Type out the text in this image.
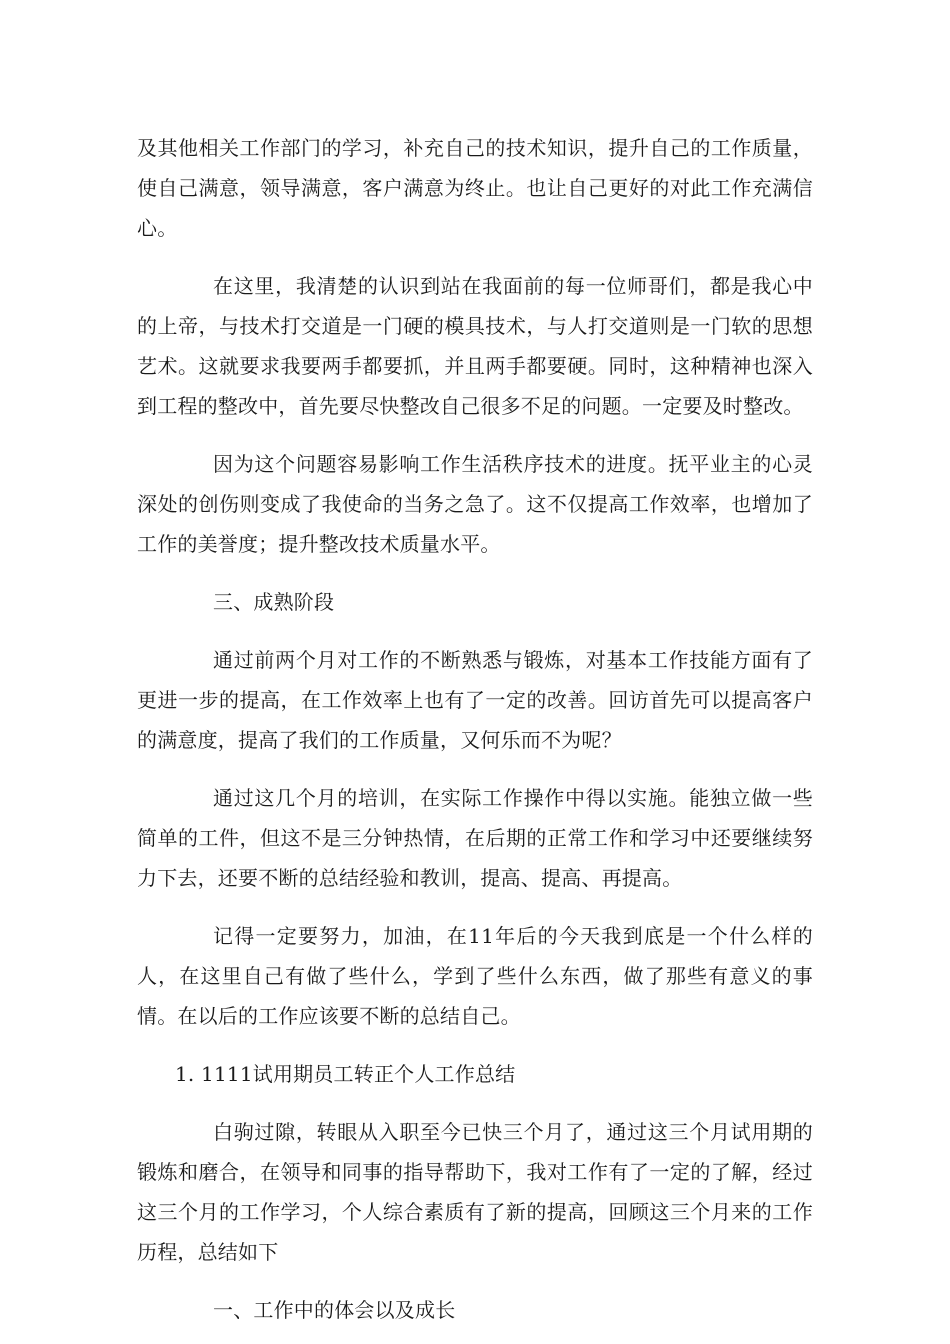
及其他相关工作部门的学习，补充自己的技术知识，提升自己的工作质量，使自己满意，领导满意，客户满意为终止。也让自己更好的对此工作充满信心。

在这里，我清楚的认识到站在我面前的每一位师哥们，都是我心中的上帝，与技术打交道是一门硬的模具技术，与人打交道则是一门软的思想艺术。这就要求我要两手都要抓，并且两手都要硬。同时，这种精神也深入到工程的整改中，首先要尽快整改自己很多不足的问题。一定要及时整改。

因为这个问题容易影响工作生活秩序技术的进度。抚平业主的心灵深处的创伤则变成了我使命的当务之急了。这不仅提高工作效率，也增加了工作的美誉度；提升整改技术质量水平。

三、成熟阶段

通过前两个月对工作的不断熟悉与锻炼，对基本工作技能方面有了更进一步的提高，在工作效率上也有了一定的改善。回访首先可以提高客户的满意度，提高了我们的工作质量，又何乐而不为呢？

通过这几个月的培训，在实际工作操作中得以实施。能独立做一些简单的工件，但这不是三分钟热情，在后期的正常工作和学习中还要继续努力下去，还要不断的总结经验和教训，提高、提高、再提高。

记得一定要努力，加油，在11年后的今天我到底是一个什么样的人，在这里自己有做了些什么，学到了些什么东西，做了那些有意义的事情。在以后的工作应该要不断的总结自己。

1. 1111试用期员工转正个人工作总结

白驹过隙，转眼从入职至今已快三个月了，通过这三个月试用期的锻炼和磨合，在领导和同事的指导帮助下，我对工作有了一定的了解，经过这三个月的工作学习，个人综合素质有了新的提高，回顾这三个月来的工作历程，总结如下

一、工作中的体会以及成长
